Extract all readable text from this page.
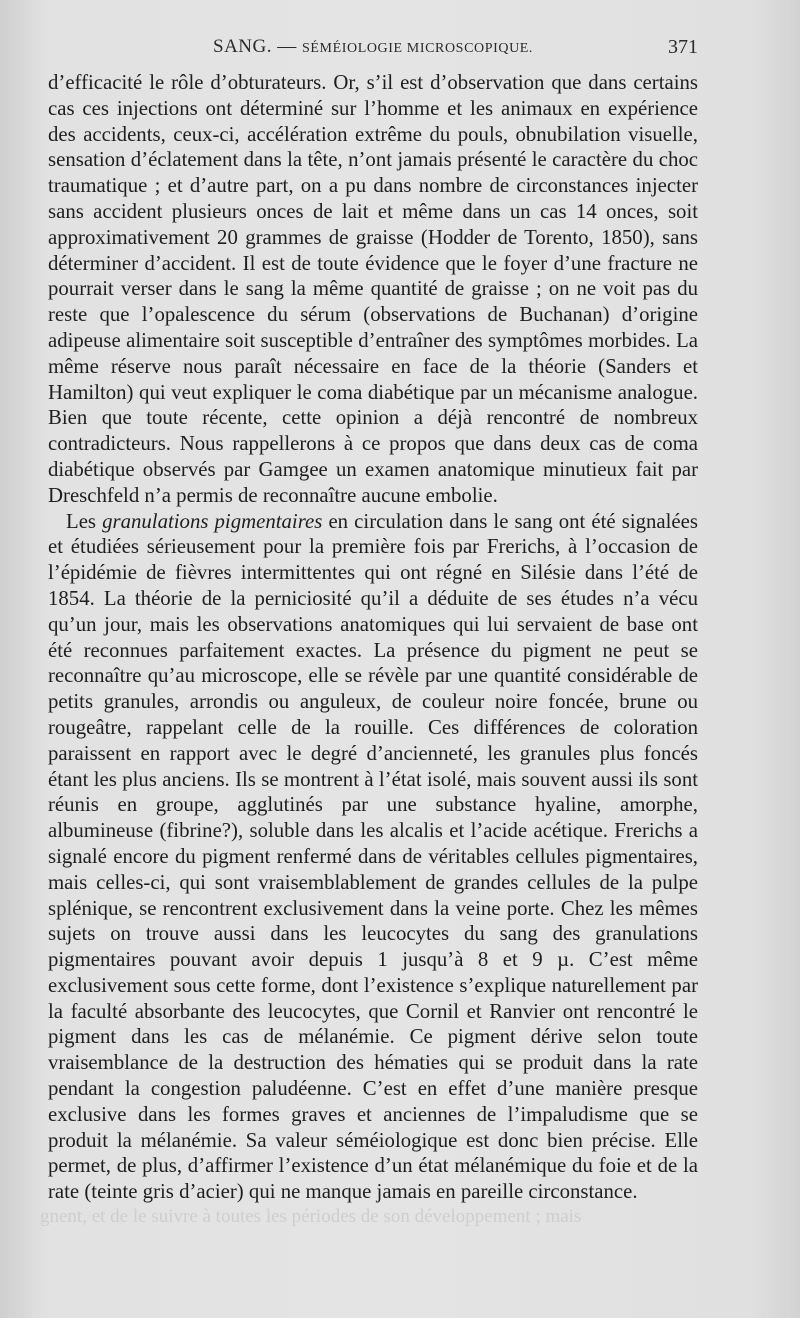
SANG. — SÉMÉIOLOGIE MICROSCOPIQUE.	371

d’efficacité le rôle d’obturateurs. Or, s’il est d’observation que dans certains cas ces injections ont déterminé sur l’homme et les animaux en expérience des accidents, ceux-ci, accélération extrême du pouls, obnubilation visuelle, sensation d’éclatement dans la tête, n’ont jamais présenté le caractère du choc traumatique ; et d’autre part, on a pu dans nombre de circonstances injecter sans accident plusieurs onces de lait et même dans un cas 14 onces, soit approximativement 20 grammes de graisse (Hodder de Torento, 1850), sans déterminer d’accident. Il est de toute évidence que le foyer d’une fracture ne pourrait verser dans le sang la même quantité de graisse ; on ne voit pas du reste que l’opalescence du sérum (observations de Buchanan) d’origine adipeuse alimentaire soit susceptible d’entraîner des symptômes morbides. La même réserve nous paraît nécessaire en face de la théorie (Sanders et Hamilton) qui veut expliquer le coma diabétique par un mécanisme analogue. Bien que toute récente, cette opinion a déjà rencontré de nombreux contradicteurs. Nous rappellerons à ce propos que dans deux cas de coma diabétique observés par Gamgee un examen anatomique minutieux fait par Dreschfeld n’a permis de reconnaître aucune embolie.

Les granulations pigmentaires en circulation dans le sang ont été signalées et étudiées sérieusement pour la première fois par Frerichs, à l’occasion de l’épidémie de fièvres intermittentes qui ont régné en Silésie dans l’été de 1854. La théorie de la perniciosité qu’il a déduite de ses études n’a vécu qu’un jour, mais les observations anatomiques qui lui servaient de base ont été reconnues parfaitement exactes. La présence du pigment ne peut se reconnaître qu’au microscope, elle se révèle par une quantité considérable de petits granules, arrondis ou anguleux, de couleur noire foncée, brune ou rougeâtre, rappelant celle de la rouille. Ces différences de coloration paraissent en rapport avec le degré d’ancienneté, les granules plus foncés étant les plus anciens. Ils se montrent à l’état isolé, mais souvent aussi ils sont réunis en groupe, agglutinés par une substance hyaline, amorphe, albumineuse (fibrine?), soluble dans les alcalis et l’acide acétique. Frerichs a signalé encore du pigment renfermé dans de véritables cellules pigmentaires, mais celles-ci, qui sont vraisemblablement de grandes cellules de la pulpe splénique, se rencontrent exclusivement dans la veine porte. Chez les mêmes sujets on trouve aussi dans les leucocytes du sang des granulations pigmentaires pouvant avoir depuis 1 jusqu’à 8 et 9 µ. C’est même exclusivement sous cette forme, dont l’existence s’explique naturellement par la faculté absorbante des leucocytes, que Cornil et Ranvier ont rencontré le pigment dans les cas de mélanémie. Ce pigment dérive selon toute vraisemblance de la destruction des hématies qui se produit dans la rate pendant la congestion paludéenne. C’est en effet d’une manière presque exclusive dans les formes graves et anciennes de l’impaludisme que se produit la mélanémie. Sa valeur séméiologique est donc bien précise. Elle permet, de plus, d’affirmer l’existence d’un état mélanémique du foie et de la rate (teinte gris d’acier) qui ne manque jamais en pareille circonstance.

gnent, et de le suivre à toutes les périodes de son développement ; mais
